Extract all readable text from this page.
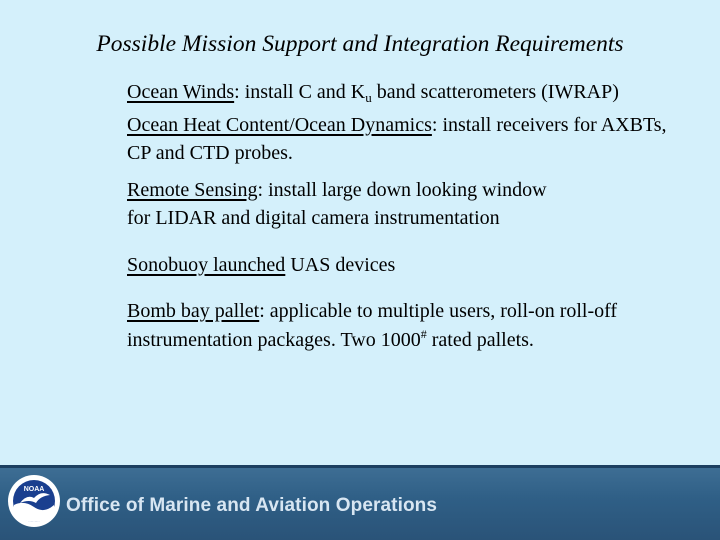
Possible Mission Support and Integration Requirements

Ocean Winds: install C and $K_u$ band scatterometers (IWRAP)

Ocean Heat Content/Ocean Dynamics: install receivers for AXBTs, CP and CTD probes.

Remote Sensing: install large down looking window for LIDAR and digital camera instrumentation

Sonobuoy launched UAS devices

Bomb bay pallet: applicable to multiple users, roll-on roll-off instrumentation packages. Two 1000# rated pallets.

NOAA
Office of Marine and Aviation Operations
